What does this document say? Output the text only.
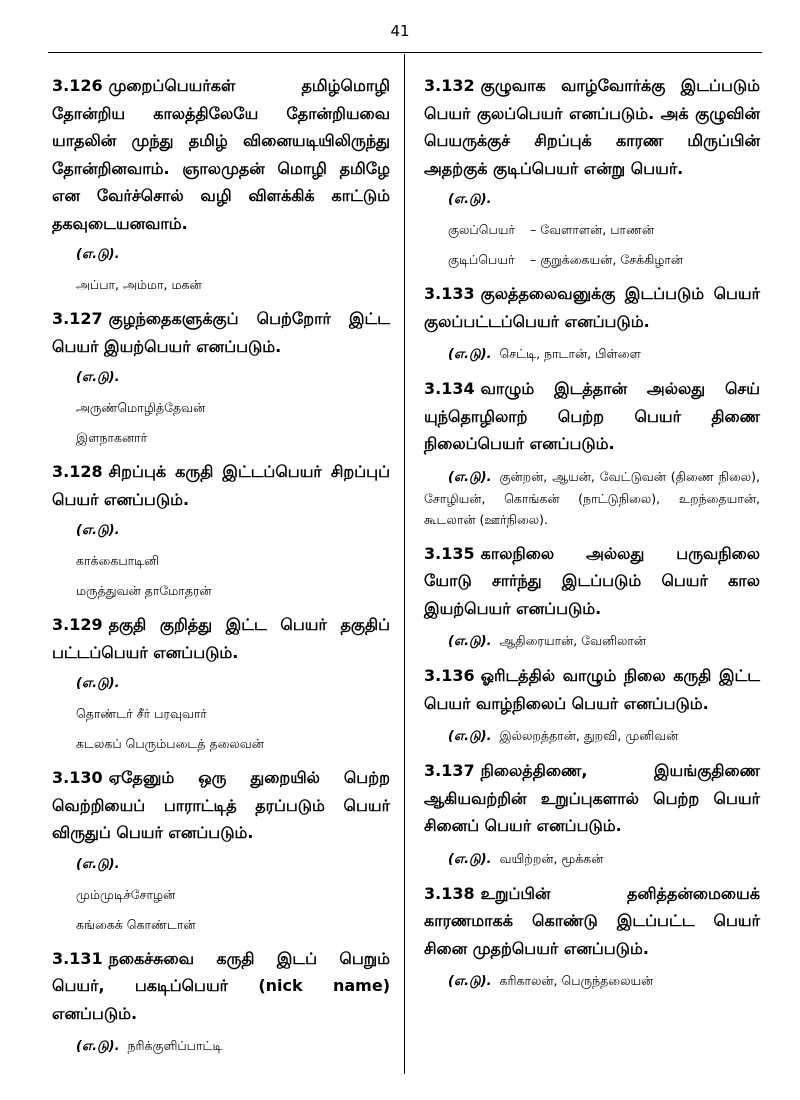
41

3.126 முறைப்பெயர்கள் தமிழ்மொழி தோன்றிய காலத்திலேயே தோன்றியவை யாதலின் முந்து தமிழ் வினையடியிலிருந்து தோன்றினவாம். ஞாலமுதன் மொழி தமிழே என வேர்ச்சொல் வழி விளக்கிக் காட்டும் தகவுடையனவாம்.

(எ.டு).
அப்பா, அம்மா, மகன்

3.127 குழந்தைகளுக்குப் பெற்றோர் இட்ட பெயர் இயற்பெயர் எனப்படும்.

(எ.டு).
அருண்மொழித்தேவன்
இளநாகனார்

3.128 சிறப்புக் கருதி இட்டப்பெயர் சிறப்புப் பெயர் எனப்படும்.

(எ.டு).
காக்கைபாடினி
மருத்துவன் தாமோதரன்

3.129 தகுதி குறித்து இட்ட பெயர் தகுதிப் பட்டப்பெயர் எனப்படும்.

(எ.டு).
தொண்டர் சீர் பரவுவார்
கடலகப் பெரும்படைத் தலைவன்

3.130 ஏதேனும் ஒரு துறையில் பெற்ற வெற்றியைப் பாராட்டித் தரப்படும் பெயர் விருதுப் பெயர் எனப்படும்.

(எ.டு).
மும்முடிச்சோழன்
கங்கைக் கொண்டான்

3.131 நகைச்சுவை கருதி இடப் பெறும் பெயர், பகடிப்பெயர் (nick name) எனப்படும்.

(எ.டு). நரிக்குளிப்பாட்டி

3.132 குழுவாக வாழ்வோர்க்கு இடப்படும் பெயர் குலப்பெயர் எனப்படும். அக் குழுவின் பெயருக்குச் சிறப்புக் காரண மிருப்பின் அதற்குக் குடிப்பெயர் என்று பெயர்.

(எ.டு).
குலப்பெயர்	– வேளாளன், பாணன்
குடிப்பெயர்	– குறுக்கையன், சேக்கிழான்

3.133 குலத்தலைவனுக்கு இடப்படும் பெயர் குலப்பட்டப்பெயர் எனப்படும்.

(எ.டு). செட்டி, நாடான், பிள்ளை

3.134 வாழும் இடத்தான் அல்லது செய் யுந்தொழிலாற் பெற்ற பெயர் திணை நிலைப்பெயர் எனப்படும்.

(எ.டு). குன்றன், ஆயன், வேட்டுவன் (திணை நிலை), சோழியன், கொங்கன் (நாட்டுநிலை), உறந்தையான், கூடலான் (ஊர்நிலை).

3.135 காலநிலை அல்லது பருவநிலை யோடு சார்ந்து இடப்படும் பெயர் கால இயற்பெயர் எனப்படும்.

(எ.டு). ஆதிரையான், வேனிலான்

3.136 ஓரிடத்தில் வாழும் நிலை கருதி இட்ட பெயர் வாழ்நிலைப் பெயர் எனப்படும்.

(எ.டு). இல்லறத்தான், துறவி, முனிவன்

3.137 நிலைத்திணை, இயங்குதிணை ஆகியவற்றின் உறுப்புகளால் பெற்ற பெயர் சினைப் பெயர் எனப்படும்.

(எ.டு). வயிற்றன், மூக்கன்

3.138 உறுப்பின் தனித்தன்மையைக் காரணமாகக் கொண்டு இடப்பட்ட பெயர் சினை முதற்பெயர் எனப்படும்.

(எ.டு). கரிகாலன், பெருந்தலையன்
